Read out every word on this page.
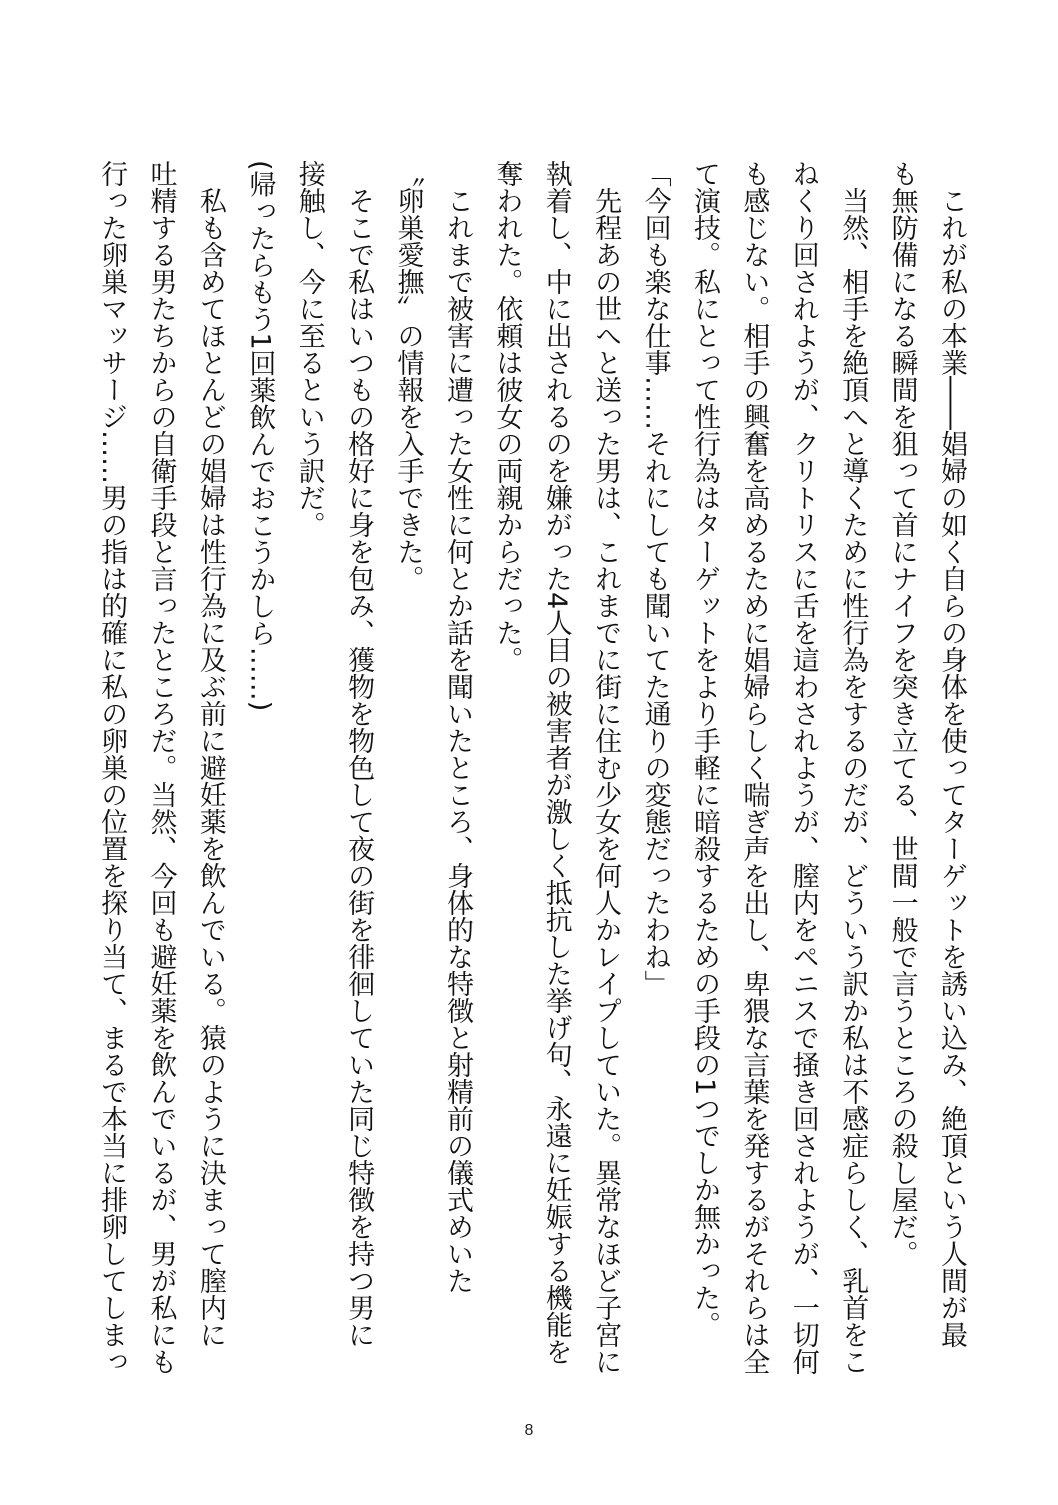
　これが私の本業――娼婦の如く自らの身体を使ってターゲットを誘い込み、絶頂という人間が最
も無防備になる瞬間を狙って首にナイフを突き立てる、世間一般で言うところの殺し屋だ。
　当然、相手を絶頂へと導くために性行為をするのだが、どういう訳か私は不感症らしく、乳首をこ
ねくり回されようが、クリトリスに舌を這わされようが、膣内をペニスで掻き回されようが、一切何
も感じない。相手の興奮を高めるために娼婦らしく喘ぎ声を出し、卑猥な言葉を発するがそれらは全
て演技。私にとって性行為はターゲットをより手軽に暗殺するための手段の1つでしか無かった。
「今回も楽な仕事……それにしても聞いてた通りの変態だったわね」
　先程あの世へと送った男は、これまでに街に住む少女を何人かレイプしていた。異常なほど子宮に
執着し、中に出されるのを嫌がった4人目の被害者が激しく抵抗した挙げ句、永遠に妊娠する機能を
奪われた。依頼は彼女の両親からだった。
　これまで被害に遭った女性に何とか話を聞いたところ、身体的な特徴と射精前の儀式めいた
〝卵巣愛撫〟の情報を入手できた。
　そこで私はいつもの格好に身を包み、獲物を物色して夜の街を徘徊していた同じ特徴を持つ男に
接触し、今に至るという訳だ。
(帰ったらもう1回薬飲んでおこうかしら……)
　私も含めてほとんどの娼婦は性行為に及ぶ前に避妊薬を飲んでいる。猿のように決まって膣内に
吐精する男たちからの自衛手段と言ったところだ。当然、今回も避妊薬を飲んでいるが、男が私にも
行った卵巣マッサージ……男の指は的確に私の卵巣の位置を探り当て、まるで本当に排卵してしまっ
8
